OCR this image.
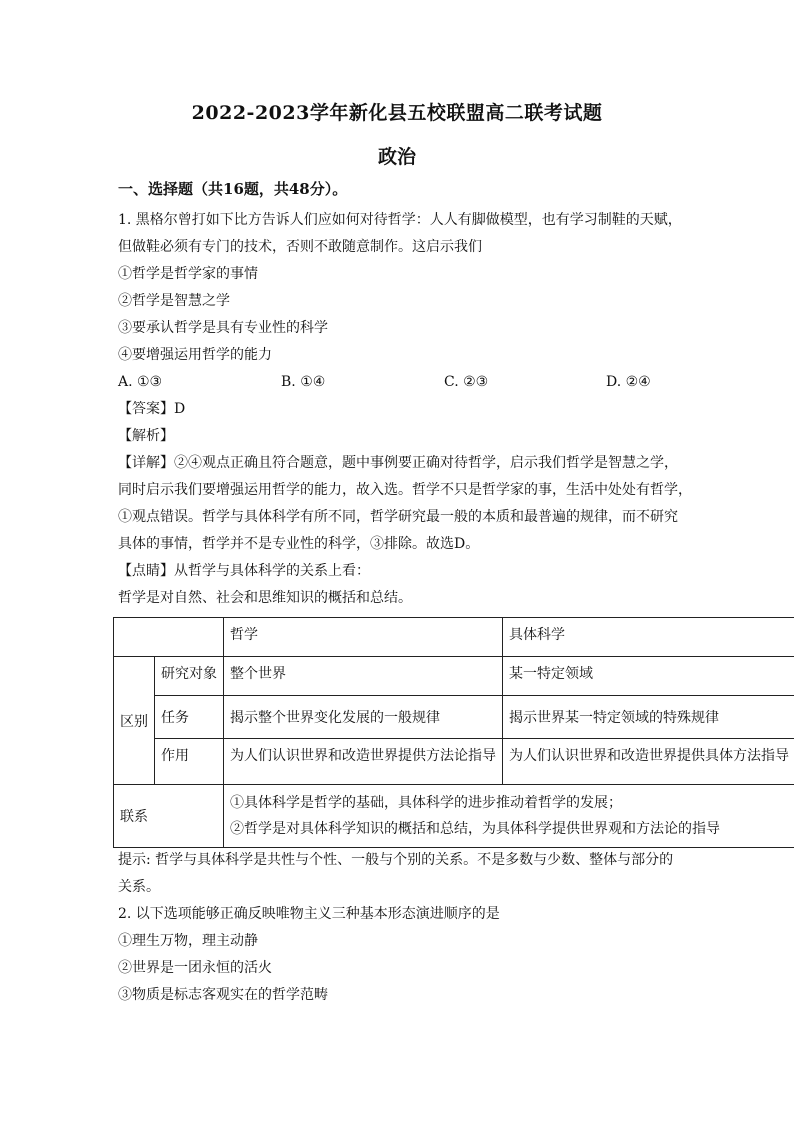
2022-2023学年新化县五校联盟高二联考试题
政治
一、选择题（共16题，共48分）。
1. 黑格尔曾打如下比方告诉人们应如何对待哲学：人人有脚做模型，也有学习制鞋的天赋，
但做鞋必须有专门的技术，否则不敢随意制作。这启示我们
①哲学是哲学家的事情
②哲学是智慧之学
③要承认哲学是具有专业性的科学
④要增强运用哲学的能力
A. ①③	B. ①④	C. ②③	D. ②④
【答案】D
【解析】
【详解】②④观点正确且符合题意，题中事例要正确对待哲学，启示我们哲学是智慧之学，
同时启示我们要增强运用哲学的能力，故入选。哲学不只是哲学家的事，生活中处处有哲学，
①观点错误。哲学与具体科学有所不同，哲学研究最一般的本质和最普遍的规律，而不研究
具体的事情，哲学并不是专业性的科学，③排除。故选D。
【点睛】从哲学与具体科学的关系上看：
哲学是对自然、社会和思维知识的概括和总结。
		哲学	具体科学
区别	研究对象	整个世界	某一特定领域
	任务	揭示整个世界变化发展的一般规律	揭示世界某一特定领域的特殊规律
	作用	为人们认识世界和改造世界提供方法论指导	为人们认识世界和改造世界提供具体方法指导
联系		①具体科学是哲学的基础，具体科学的进步推动着哲学的发展；
②哲学是对具体科学知识的概括和总结，为具体科学提供世界观和方法论的指导	
提示: 哲学与具体科学是共性与个性、一般与个别的关系。不是多数与少数、整体与部分的
关系。
2. 以下选项能够正确反映唯物主义三种基本形态演进顺序的是
①理生万物，理主动静
②世界是一团永恒的活火
③物质是标志客观实在的哲学范畴
